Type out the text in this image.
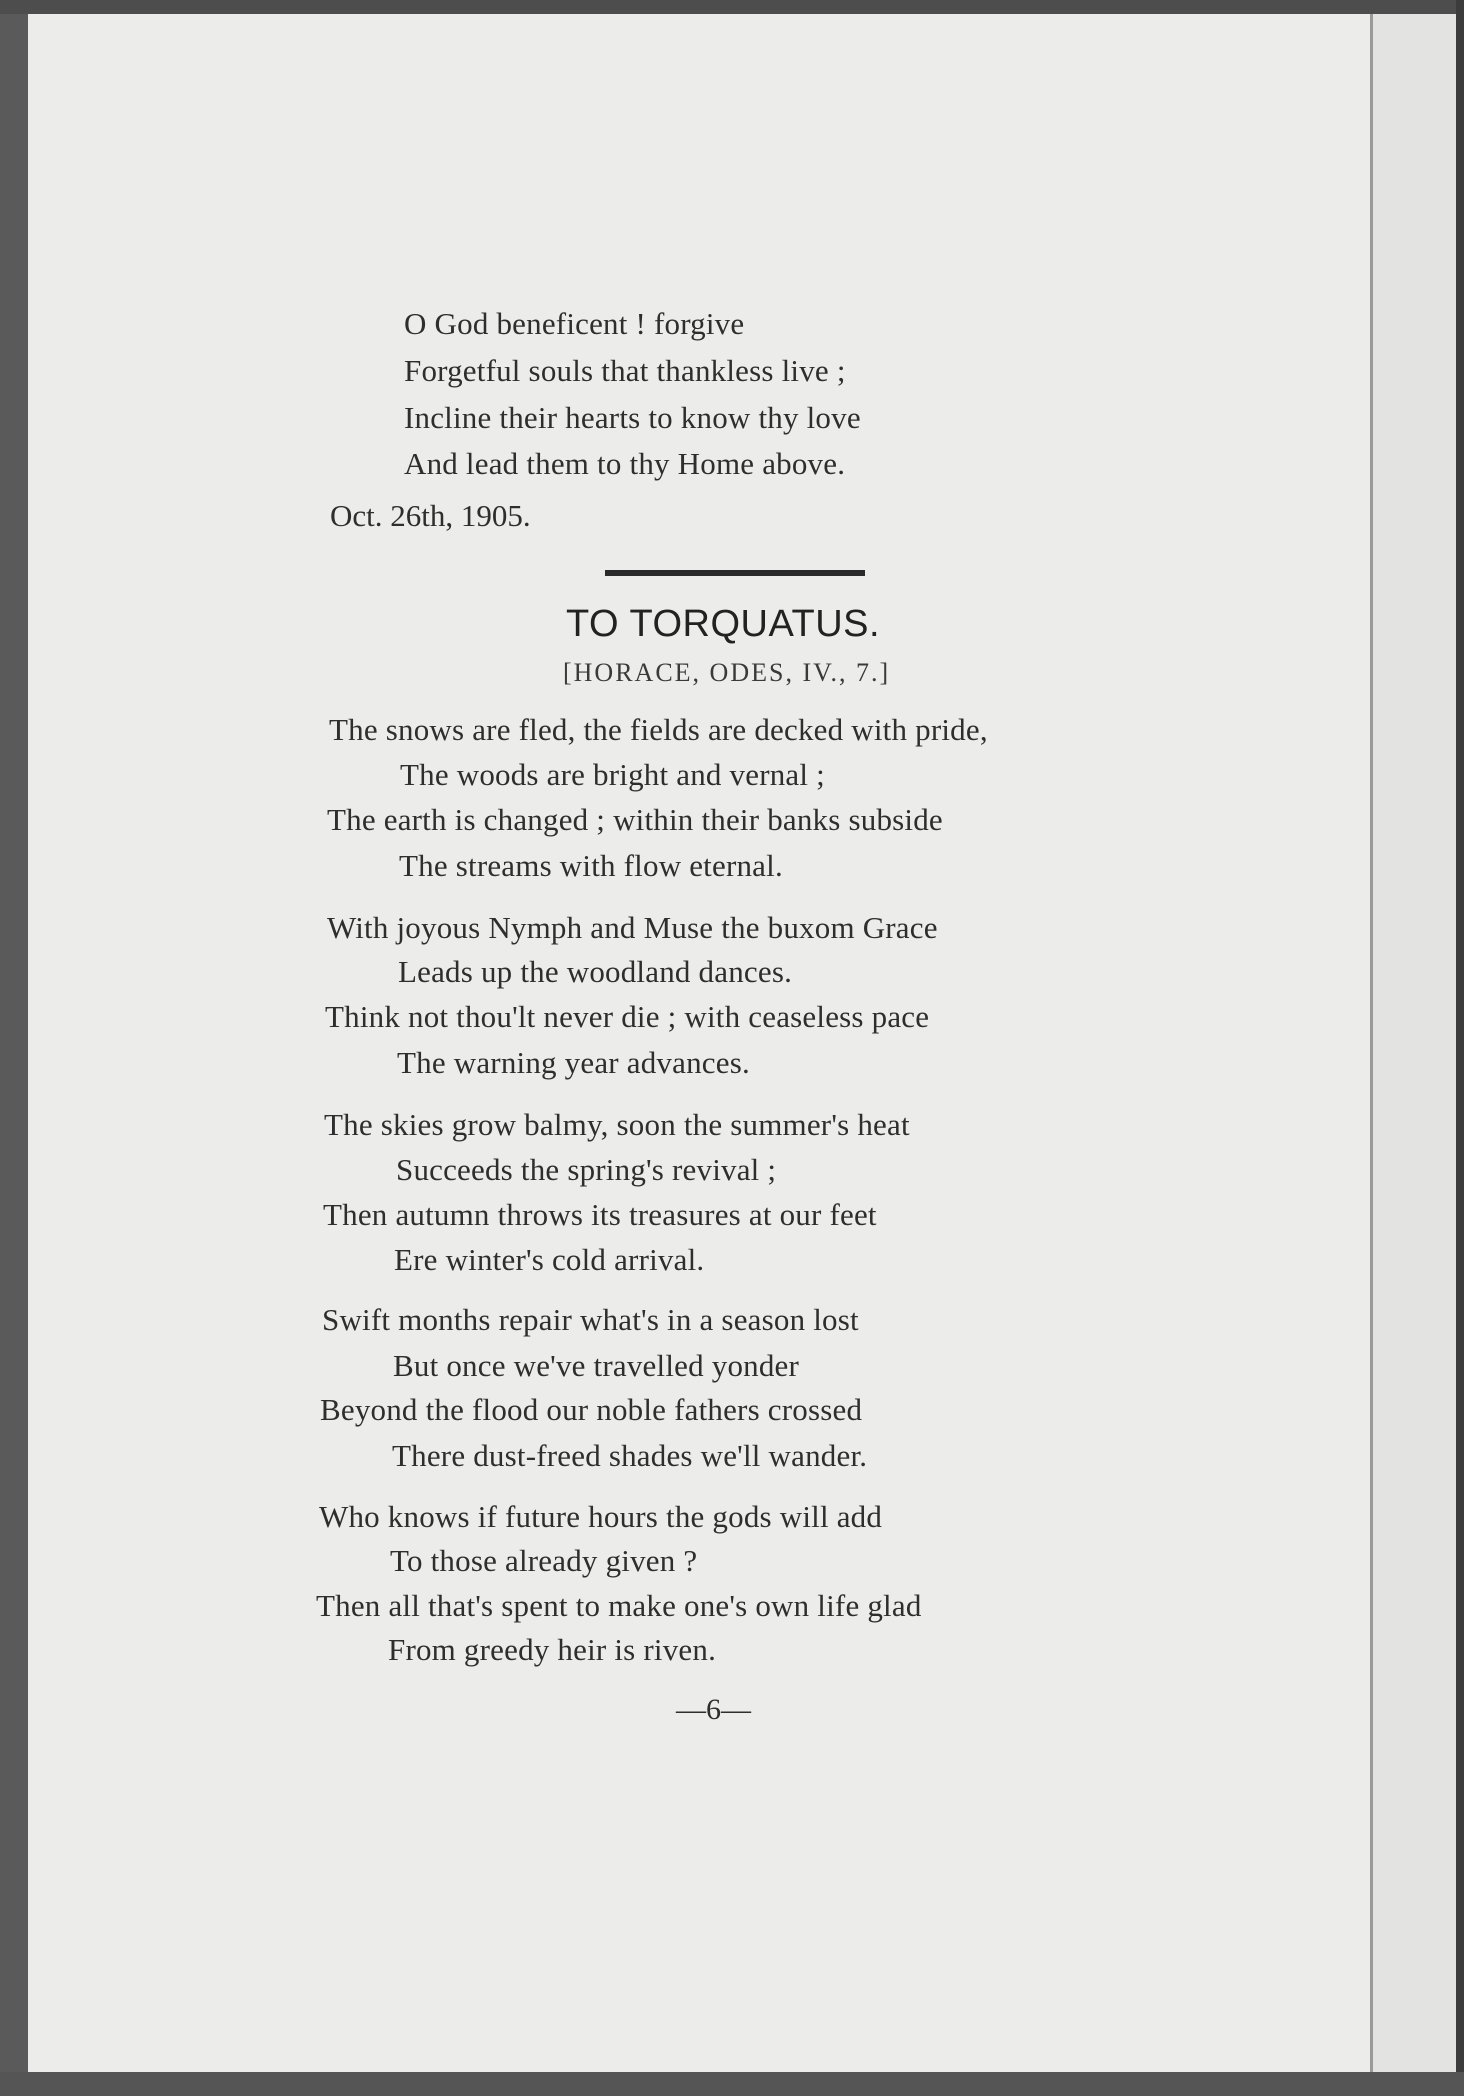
O God beneficent ! forgive
Forgetful souls that thankless live ;
Incline their hearts to know thy love
And lead them to thy Home above.
Oct. 26th, 1905.
TO TORQUATUS.
[HORACE, ODES, IV., 7.]
The snows are fled, the fields are decked with pride,
The woods are bright and vernal ;
The earth is changed ; within their banks subside
The streams with flow eternal.
With joyous Nymph and Muse the buxom Grace
Leads up the woodland dances.
Think not thou'lt never die ; with ceaseless pace
The warning year advances.
The skies grow balmy, soon the summer's heat
Succeeds the spring's revival ;
Then autumn throws its treasures at our feet
Ere winter's cold arrival.
Swift months repair what's in a season lost
But once we've travelled yonder
Beyond the flood our noble fathers crossed
There dust-freed shades we'll wander.
Who knows if future hours the gods will add
To those already given ?
Then all that's spent to make one's own life glad
From greedy heir is riven.
—6—
